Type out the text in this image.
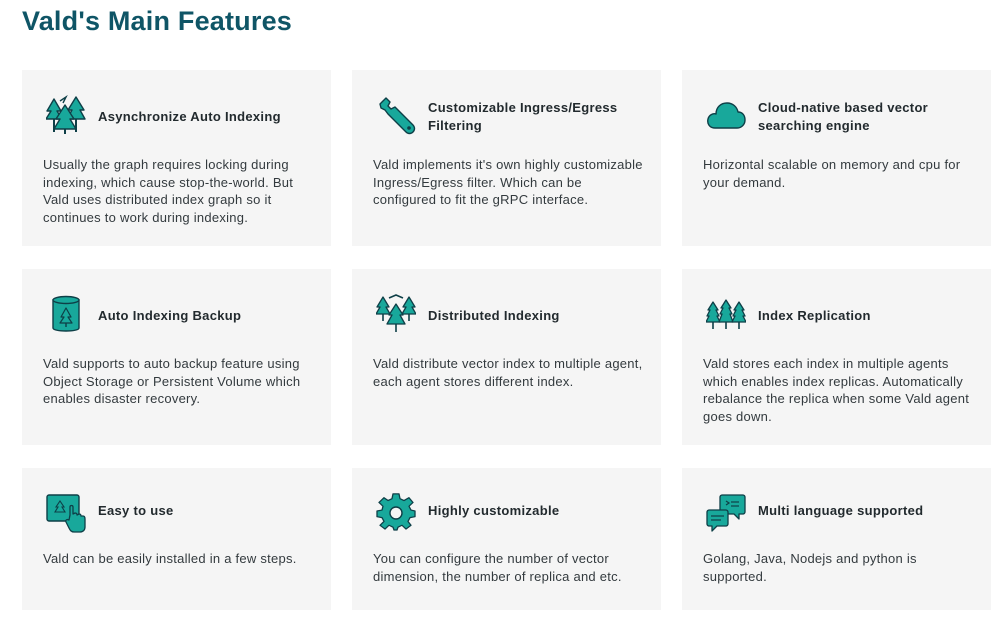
Vald's Main Features
Asynchronize Auto Indexing
Usually the graph requires locking during indexing, which cause stop-the-world. But Vald uses distributed index graph so it continues to work during indexing.
Customizable Ingress/Egress Filtering
Vald implements it's own highly customizable Ingress/Egress filter. Which can be configured to fit the gRPC interface.
Cloud-native based vector searching engine
Horizontal scalable on memory and cpu for your demand.
Auto Indexing Backup
Vald supports to auto backup feature using Object Storage or Persistent Volume which enables disaster recovery.
Distributed Indexing
Vald distribute vector index to multiple agent, each agent stores different index.
Index Replication
Vald stores each index in multiple agents which enables index replicas. Automatically rebalance the replica when some Vald agent goes down.
Easy to use
Vald can be easily installed in a few steps.
Highly customizable
You can configure the number of vector dimension, the number of replica and etc.
Multi language supported
Golang, Java, Nodejs and python is supported.
